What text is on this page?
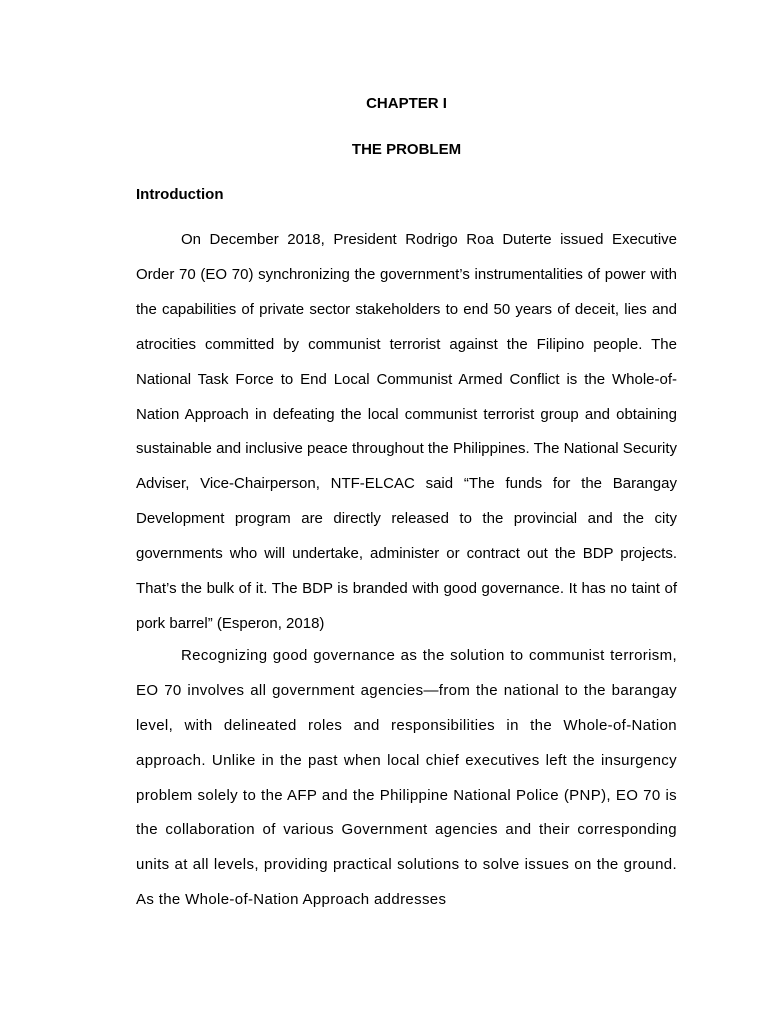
CHAPTER I

THE PROBLEM

Introduction

On December 2018, President Rodrigo Roa Duterte issued Executive Order 70 (EO 70) synchronizing the government’s instrumentalities of power with the capabilities of private sector stakeholders to end 50 years of deceit, lies and atrocities committed by communist terrorist against the Filipino people. The National Task Force to End Local Communist Armed Conflict is the Whole-of-Nation Approach in defeating the local communist terrorist group and obtaining sustainable and inclusive peace throughout the Philippines. The National Security Adviser, Vice-Chairperson, NTF-ELCAC said “The funds for the Barangay Development program are directly released to the provincial and the city governments who will undertake, administer or contract out the BDP projects. That’s the bulk of it. The BDP is branded with good governance. It has no taint of pork barrel” (Esperon, 2018)

Recognizing good governance as the solution to communist terrorism, EO 70 involves all government agencies—from the national to the barangay level, with delineated roles and responsibilities in the Whole-of-Nation approach. Unlike in the past when local chief executives left the insurgency problem solely to the AFP and the Philippine National Police (PNP), EO 70 is the collaboration of various Government agencies and their corresponding units at all levels, providing practical solutions to solve issues on the ground. As the Whole-of-Nation Approach addresses
